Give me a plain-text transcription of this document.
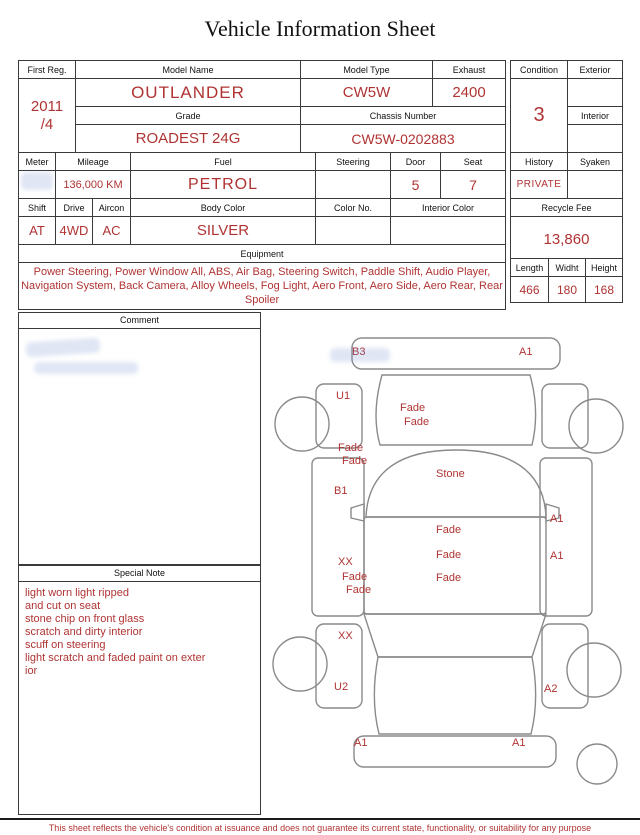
Vehicle Information Sheet
First Reg.	Model Name	Model Type	Exhaust

2011
/4	OUTLANDER	CW5W	2400
	Grade	Chassis Number	
	ROADEST 24G	CW5W-0202883	
Condition	Exterior
3	
	Interior

Meter	Mileage		Fuel	Steering	Door	Seat
	136,000 KM		PETROL		5	7
Shift	Drive	Aircon	Body Color	Color No.	Interior Color	
AT	4WD	AC	SILVER			
Equipment						
Power Steering, Power Window All, ABS, Air Bag, Steering Switch, Paddle Shift, Audio Player, Navigation System, Back Camera, Alloy Wheels, Fog Light, Aero Front, Aero Side, Aero Rear, Rear Spoiler						
History	Syaken
PRIVATE	
Recycle Fee	
13,860	
Length	Widht	Height
466	180	168
Comment
Special Note
light worn light ripped
and cut on seat
stone chip on front glass
scratch and dirty interior
scuff on steering
light scratch and faded paint on exter
ior
B3	A1
U1
Fade
Fade
Fade
Fade
B1
Stone
A1
Fade
Fade	A1
XX
Fade
Fade
Fade
XX
U2	A2
A1	A1
This sheet reflects the vehicle's condition at issuance and does not guarantee its current state, functionality, or suitability for any purpose
